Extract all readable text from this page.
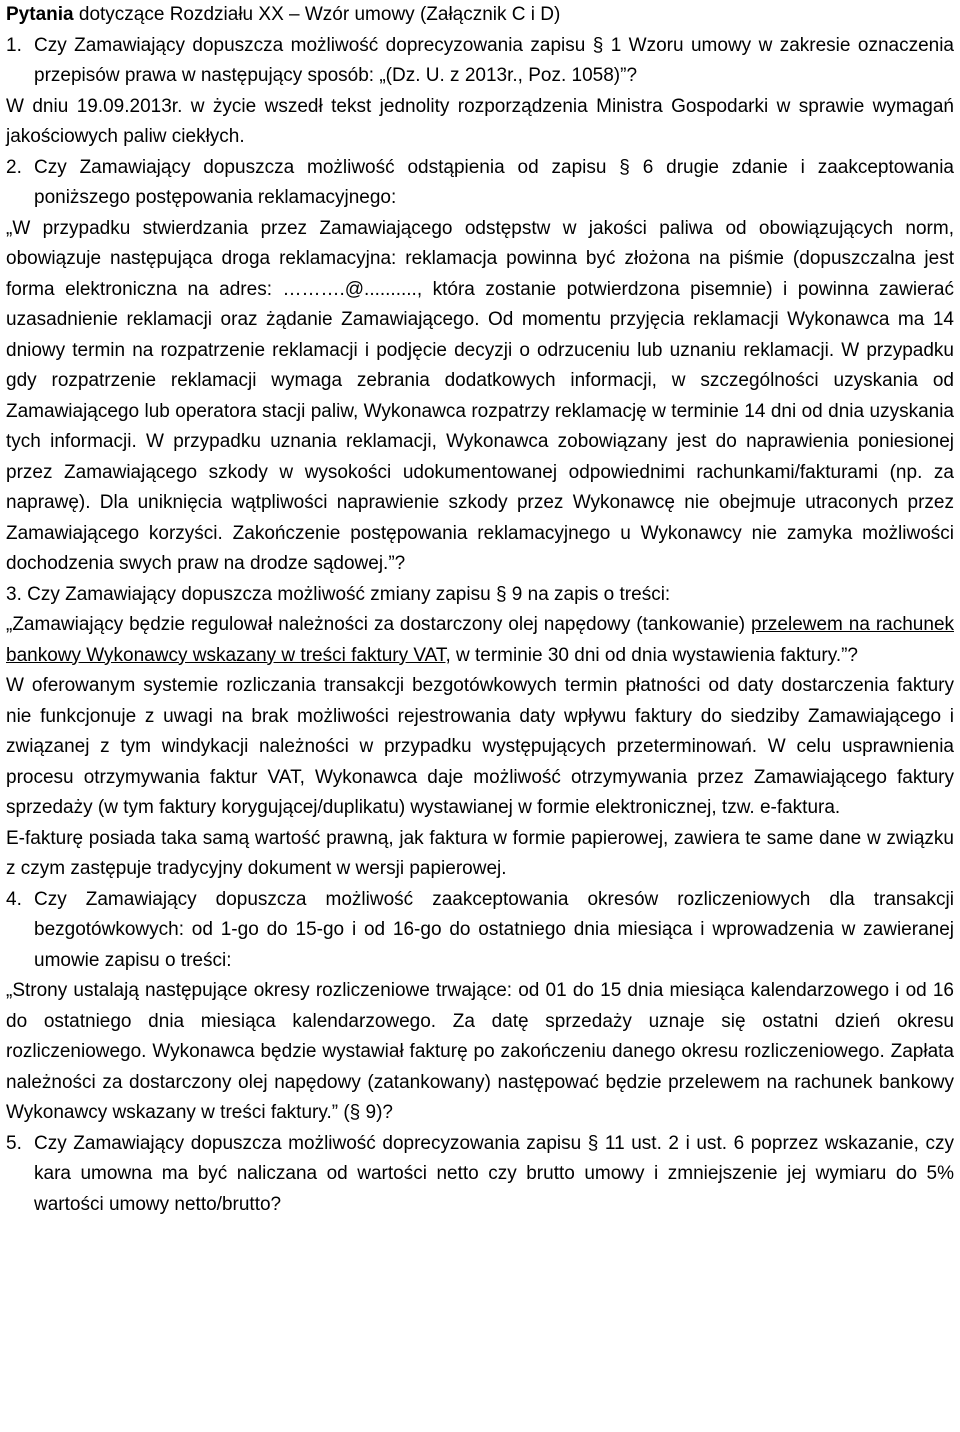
Pytania dotyczące Rozdziału XX – Wzór umowy (Załącznik C i D)

1. Czy Zamawiający dopuszcza możliwość doprecyzowania zapisu § 1 Wzoru umowy w zakresie oznaczenia przepisów prawa w następujący sposób: „(Dz. U. z 2013r., Poz. 1058)”?

W dniu 19.09.2013r. w życie wszedł tekst jednolity rozporządzenia Ministra Gospodarki w sprawie wymagań jakościowych paliw ciekłych.

2. Czy Zamawiający dopuszcza możliwość odstąpienia od zapisu § 6 drugie zdanie i zaakceptowania poniższego postępowania reklamacyjnego:

„W przypadku stwierdzania przez Zamawiającego odstępstw w jakości paliwa od obowiązujących norm, obowiązuje następująca droga reklamacyjna: reklamacja powinna być złożona na piśmie (dopuszczalna jest forma elektroniczna na adres: ……….@.........., która zostanie potwierdzona pisemnie) i powinna zawierać uzasadnienie reklamacji oraz żądanie Zamawiającego. Od momentu przyjęcia reklamacji Wykonawca ma 14 dniowy termin na rozpatrzenie reklamacji i podjęcie decyzji o odrzuceniu lub uznaniu reklamacji. W przypadku gdy rozpatrzenie reklamacji wymaga zebrania dodatkowych informacji, w szczególności uzyskania od Zamawiającego lub operatora stacji paliw, Wykonawca rozpatrzy reklamację w terminie 14 dni od dnia uzyskania tych informacji. W przypadku uznania reklamacji, Wykonawca zobowiązany jest do naprawienia poniesionej przez Zamawiającego szkody w wysokości udokumentowanej odpowiednimi rachunkami/fakturami (np. za naprawę). Dla uniknięcia wątpliwości naprawienie szkody przez Wykonawcę nie obejmuje utraconych przez Zamawiającego korzyści. Zakończenie postępowania reklamacyjnego u Wykonawcy nie zamyka możliwości dochodzenia swych praw na drodze sądowej.”?

3. Czy Zamawiający dopuszcza możliwość zmiany zapisu § 9 na zapis o treści:

„Zamawiający będzie regulował należności za dostarczony olej napędowy (tankowanie) przelewem na rachunek bankowy Wykonawcy wskazany w treści faktury VAT, w terminie 30 dni od dnia wystawienia faktury.”?

W oferowanym systemie rozliczania transakcji bezgotówkowych termin płatności od daty dostarczenia faktury nie funkcjonuje z uwagi na brak możliwości rejestrowania daty wpływu faktury do siedziby Zamawiającego i związanej z tym windykacji należności w przypadku występujących przeterminowań. W celu usprawnienia procesu otrzymywania faktur VAT, Wykonawca daje możliwość otrzymywania przez Zamawiającego faktury sprzedaży (w tym faktury korygującej/duplikatu) wystawianej w formie elektronicznej, tzw. e-faktura.

E-fakturę posiada taka samą wartość prawną, jak faktura w formie papierowej, zawiera te same dane w związku z czym zastępuje tradycyjny dokument w wersji papierowej.

4. Czy Zamawiający dopuszcza możliwość zaakceptowania okresów rozliczeniowych dla transakcji bezgotówkowych: od 1-go do 15-go i od 16-go do ostatniego dnia miesiąca i wprowadzenia w zawieranej umowie zapisu o treści:

„Strony ustalają następujące okresy rozliczeniowe trwające: od 01 do 15 dnia miesiąca kalendarzowego i od 16 do ostatniego dnia miesiąca kalendarzowego. Za datę sprzedaży uznaje się ostatni dzień okresu rozliczeniowego. Wykonawca będzie wystawiał fakturę po zakończeniu danego okresu rozliczeniowego. Zapłata należności za dostarczony olej napędowy (zatankowany) następować będzie przelewem na rachunek bankowy Wykonawcy wskazany w treści faktury.” (§ 9)?

5. Czy Zamawiający dopuszcza możliwość doprecyzowania zapisu § 11 ust. 2 i ust. 6 poprzez wskazanie, czy kara umowna ma być naliczana od wartości netto czy brutto umowy i zmniejszenie jej wymiaru do 5% wartości umowy netto/brutto?
